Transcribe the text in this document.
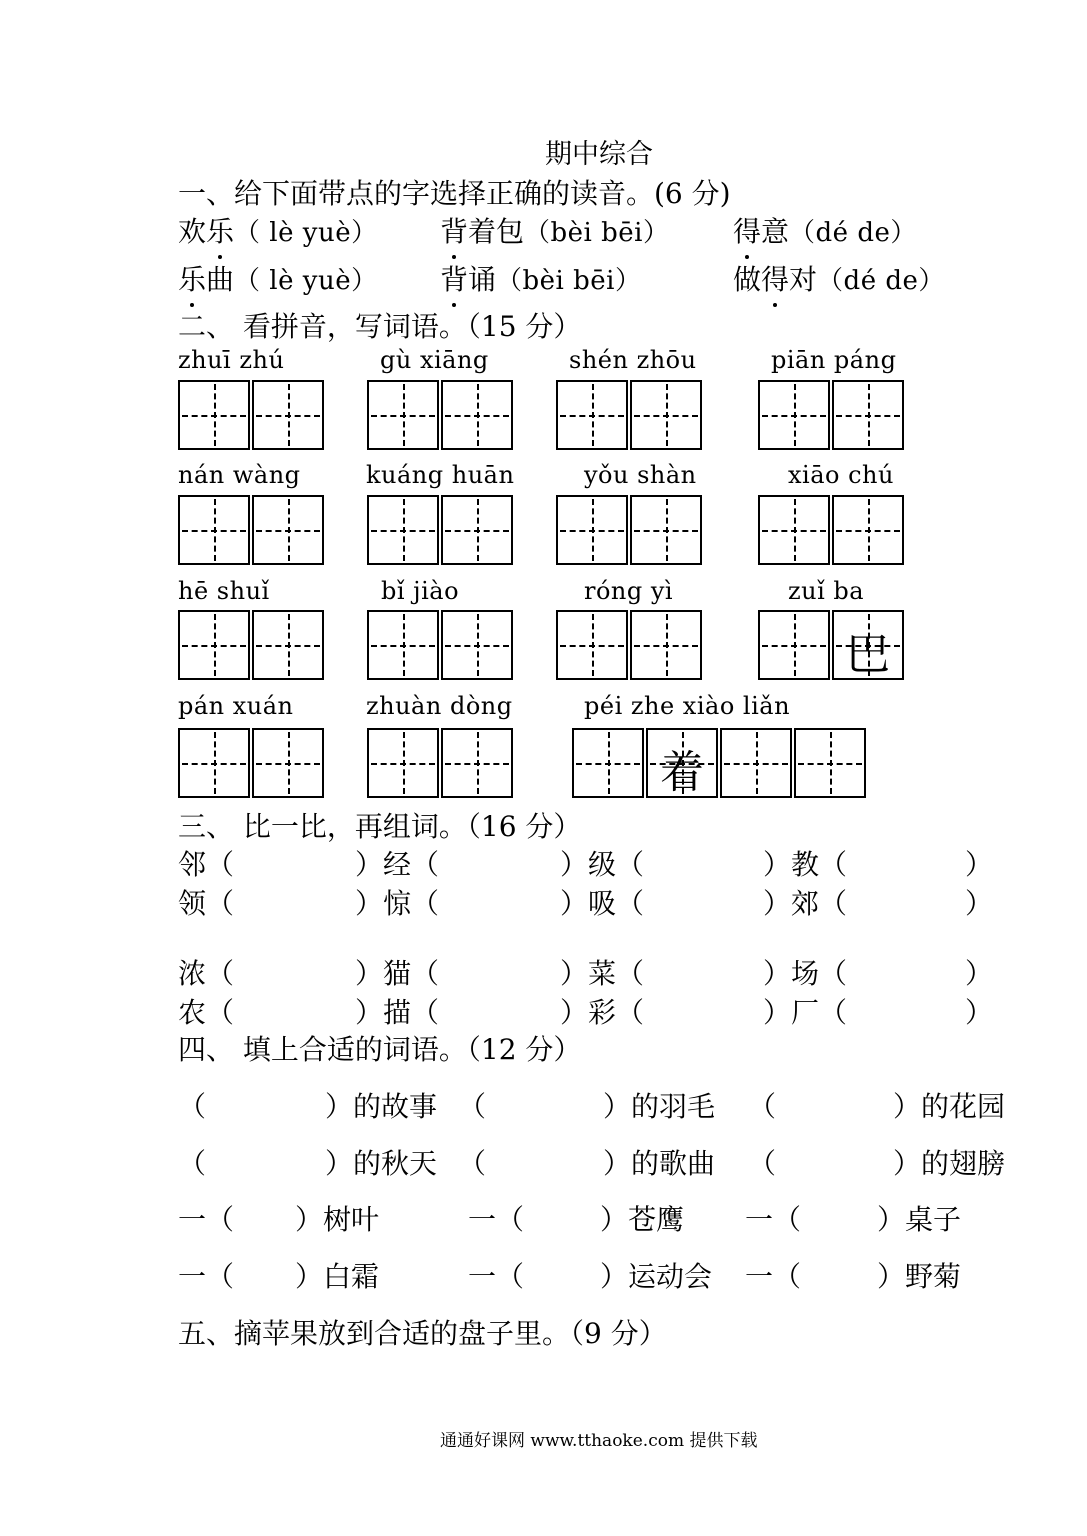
期中综合
一、给下面带点的字选择正确的读音。(6 分)
欢乐（ lè yuè） 背着包（bèi bēi） 得意（dé de）
乐曲（ lè yuè） 背诵（bèi bēi）	做得对（dé de）
二、 看拼音，写词语。（15 分）
zhuī zhú	gù xiāng	shén zhōu	piān páng
nán wàng	kuáng huān	yǒu shàn	xiāo chú
hē shuǐ	bǐ jiào	róng yì	zuǐ ba
巴
pán xuán	zhuàn dòng	péi zhe xiào liǎn
着
三、 比一比，再组词。（16 分）
邻（	）经（	）级（	）教（	）
领（	）惊（	）吸（	）郊（	）
浓（	）猫（	）菜（	）场（	）
农（	）描（	）彩（	）厂（	）
四、 填上合适的词语。（12 分）
（	）的故事 （	）的羽毛 （	）的花园
（	）的秋天 （	）的歌曲 （	）的翅膀
一（ ）树叶	一（	）苍鹰 一（	）桌子
一（ ）白霜	一（	）运动会 一（	）野菊
五、摘苹果放到合适的盘子里。（9 分）
通通好课网 www.tthaoke.com 提供下载
